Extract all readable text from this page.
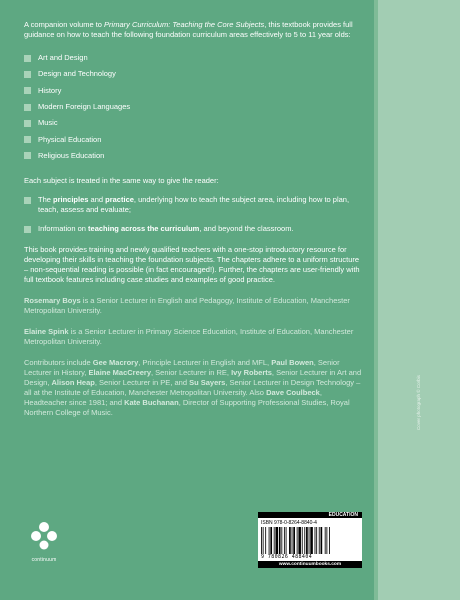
Cover photograph © Corbis

A companion volume to Primary Curriculum: Teaching the Core Subjects, this textbook provides full guidance on how to teach the following foundation curriculum areas effectively to 5 to 11 year olds:

Art and Design
Design and Technology
History
Modern Foreign Languages
Music
Physical Education
Religious Education

Each subject is treated in the same way to give the reader:

The principles and practice, underlying how to teach the subject area, including how to plan, teach, assess and evaluate;
Information on teaching across the curriculum, and beyond the classroom.

This book provides training and newly qualified teachers with a one-stop introductory resource for developing their skills in teaching the foundation subjects. The chapters adhere to a uniform structure – non-sequential reading is possible (in fact encouraged!). Further, the chapters are user-friendly with full textbook features including case studies and examples of good practice.

Rosemary Boys is a Senior Lecturer in English and Pedagogy, Institute of Education, Manchester Metropolitan University.

Elaine Spink is a Senior Lecturer in Primary Science Education, Institute of Education, Manchester Metropolitan University.

Contributors include Gee Macrory, Principle Lecturer in English and MFL, Paul Bowen, Senior Lecturer in History, Elaine MacCreery, Senior Lecturer in RE, Ivy Roberts, Senior Lecturer in Art and Design, Alison Heap, Senior Lecturer in PE, and Su Sayers, Senior Lecturer in Design Technology – all at the Institute of Education, Manchester Metropolitan University. Also Dave Coulbeck, Headteacher since 1981; and Kate Buchanan, Director of Supporting Professional Studies, Royal Northern College of Music.

continuum
EDUCATION
ISBN 978-0-8264-8840-4
9 780826 488404
www.continuumbooks.com
